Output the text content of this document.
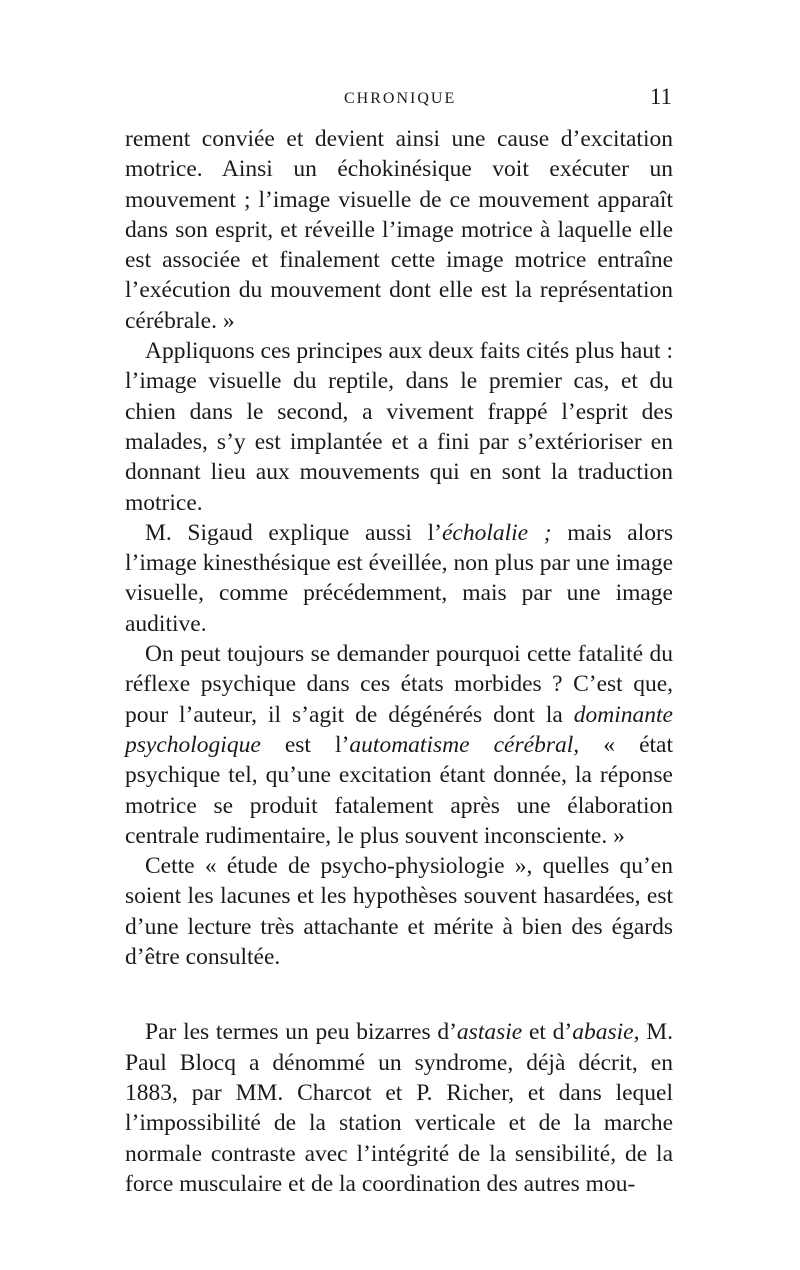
CHRONIQUE	11

rement conviée et devient ainsi une cause d’excitation motrice. Ainsi un échokinésique voit exécuter un mouvement ; l’image visuelle de ce mouvement apparaît dans son esprit, et réveille l’image motrice à laquelle elle est associée et finalement cette image motrice entraîne l’exécution du mouvement dont elle est la représentation cérébrale. »

Appliquons ces principes aux deux faits cités plus haut : l’image visuelle du reptile, dans le premier cas, et du chien dans le second, a vivement frappé l’esprit des malades, s’y est implantée et a fini par s’extérioriser en donnant lieu aux mouvements qui en sont la traduction motrice.

M. Sigaud explique aussi l’écholalie ; mais alors l’image kinesthésique est éveillée, non plus par une image visuelle, comme précédemment, mais par une image auditive.

On peut toujours se demander pourquoi cette fatalité du réflexe psychique dans ces états morbides ? C’est que, pour l’auteur, il s’agit de dégénérés dont la dominante psychologique est l’automatisme cérébral, « état psychique tel, qu’une excitation étant donnée, la réponse motrice se produit fatalement après une élaboration centrale rudimentaire, le plus souvent inconsciente. »

Cette « étude de psycho-physiologie », quelles qu’en soient les lacunes et les hypothèses souvent hasardées, est d’une lecture très attachante et mérite à bien des égards d’être consultée.

Par les termes un peu bizarres d’astasie et d’abasie, M. Paul Blocq a dénommé un syndrome, déjà décrit, en 1883, par MM. Charcot et P. Richer, et dans lequel l’impossibilité de la station verticale et de la marche normale contraste avec l’intégrité de la sensibilité, de la force musculaire et de la coordination des autres mou-
